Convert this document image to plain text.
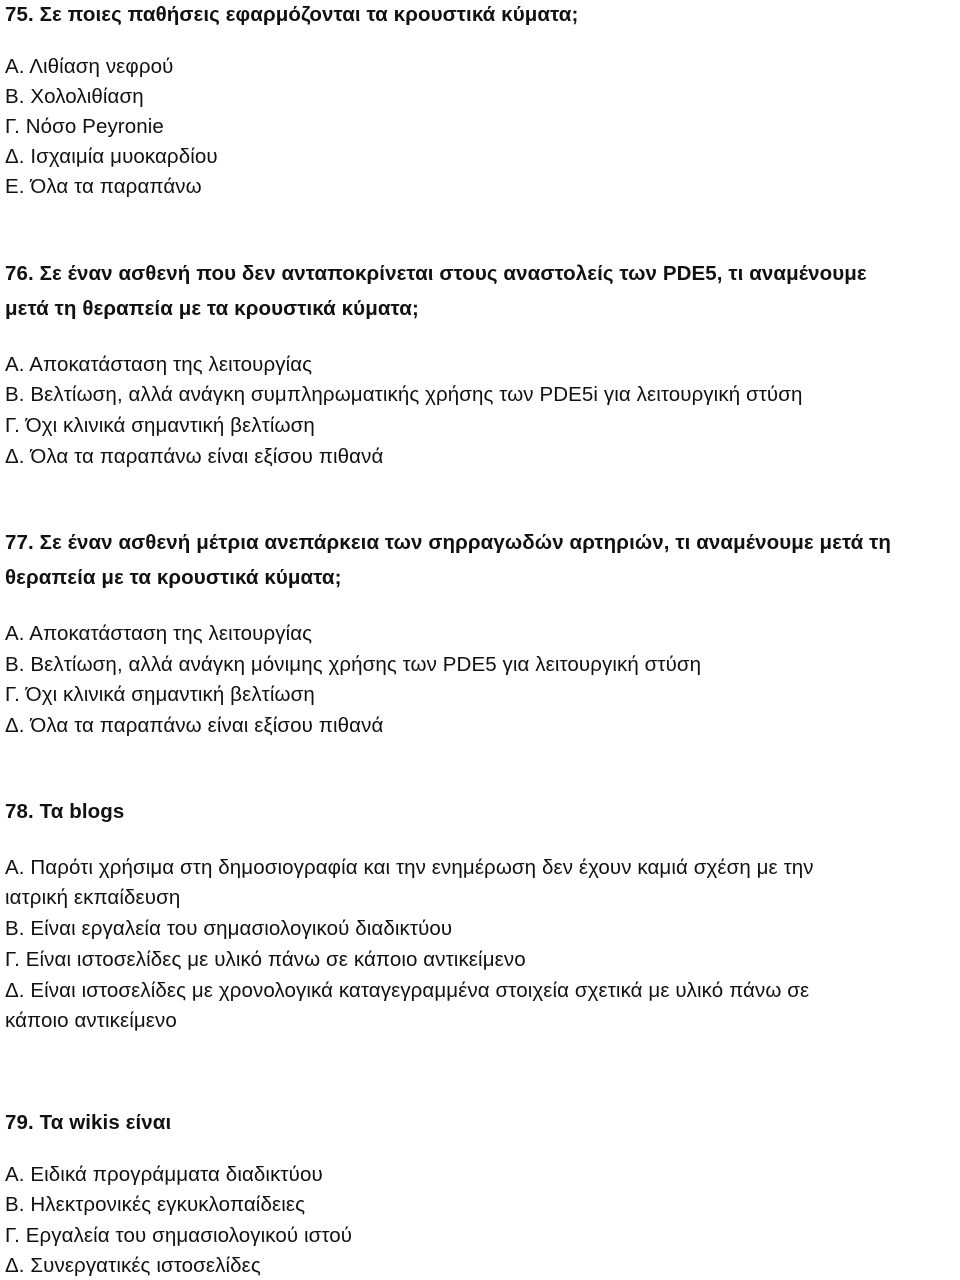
75. Σε ποιες παθήσεις εφαρμόζονται τα κρουστικά κύματα;
Α. Λιθίαση νεφρού
Β. Χολολιθίαση
Γ. Νόσο Peyronie
Δ. Ισχαιμία μυοκαρδίου
Ε. Όλα τα παραπάνω
76. Σε έναν ασθενή που δεν ανταποκρίνεται στους αναστολείς των PDE5, τι αναμένουμε
μετά τη θεραπεία με τα κρουστικά κύματα;
Α. Αποκατάσταση της λειτουργίας
Β. Βελτίωση, αλλά ανάγκη συμπληρωματικής χρήσης των PDE5i για λειτουργική στύση
Γ. Όχι κλινικά σημαντική βελτίωση
Δ. Όλα τα παραπάνω είναι εξίσου πιθανά
77. Σε έναν ασθενή μέτρια ανεπάρκεια των σηρραγωδών αρτηριών, τι αναμένουμε μετά τη
θεραπεία με τα κρουστικά κύματα;
Α. Αποκατάσταση της λειτουργίας
Β. Βελτίωση, αλλά ανάγκη μόνιμης χρήσης των PDE5 για λειτουργική στύση
Γ. Όχι κλινικά σημαντική βελτίωση
Δ. Όλα τα παραπάνω είναι εξίσου πιθανά
78. Τα blogs
Α. Παρότι χρήσιμα στη δημοσιογραφία και την ενημέρωση δεν έχουν καμιά σχέση με την
ιατρική εκπαίδευση
Β. Είναι εργαλεία του σημασιολογικού διαδικτύου
Γ. Είναι ιστοσελίδες με υλικό πάνω σε κάποιο αντικείμενο
Δ. Είναι ιστοσελίδες με χρονολογικά καταγεγραμμένα στοιχεία σχετικά με υλικό πάνω σε
κάποιο αντικείμενο
79. Τα wikis είναι
Α. Ειδικά προγράμματα διαδικτύου
Β. Ηλεκτρονικές εγκυκλοπαίδειες
Γ. Εργαλεία του σημασιολογικού ιστού
Δ. Συνεργατικές ιστοσελίδες
